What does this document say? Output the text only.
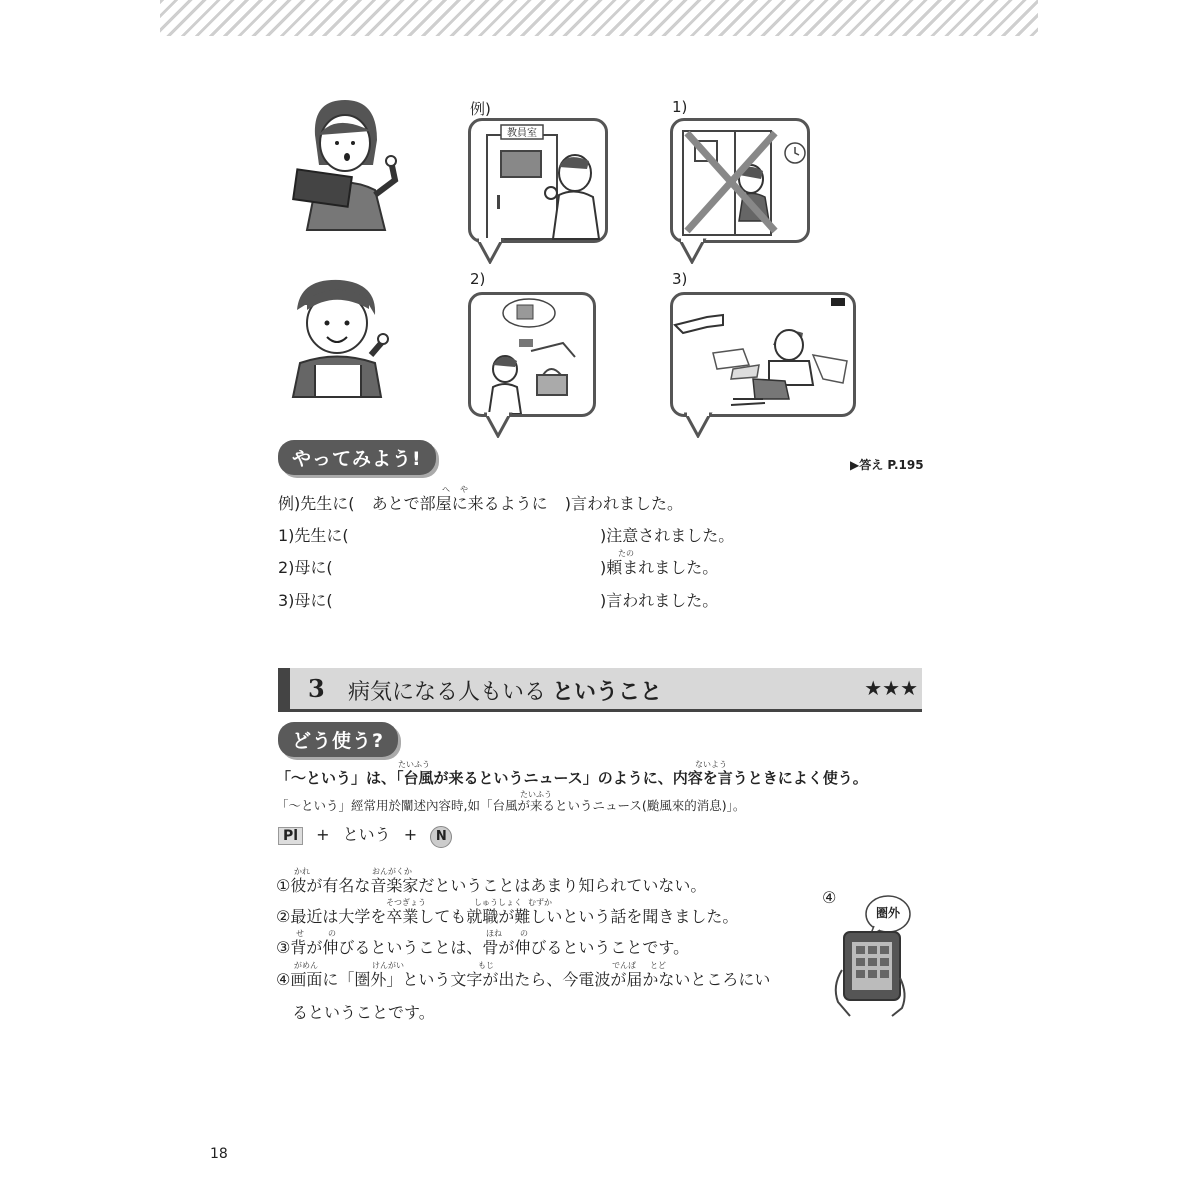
例)	1)
2)	3)
教員室
やってみよう!	▶答え P.195
へ や
例)先生に( あとで部屋に来るように )言われました。
1)先生に(	)注意されました。
たの
2)母に(	)頼まれました。
3)母に(	)言われました。
3 病気になる人もいる ということ	★★★
どう使う?
たいふう	ないよう
「〜という」は、「台風が来るというニュース」のように、内容を言うときによく使う。
たいふう
「〜という」經常用於闡述內容時,如「台風が来るというニュース(颱風來的消息)」。
Pl + という + N
かれ	おんがくか
①彼が有名な音楽家だということはあまり知られていない。
そつぎょう	しゅうしょく むずか
②最近は大学を卒業しても就職が難しいという話を聞きました。
せ	の	ほね の
③背が伸びるということは、骨が伸びるということです。
がめん	けんがい	もじ	でんぱ とど
④画面に「圏外」という文字が出たら、今電波が届かないところにい
るということです。
④
圏外
18
